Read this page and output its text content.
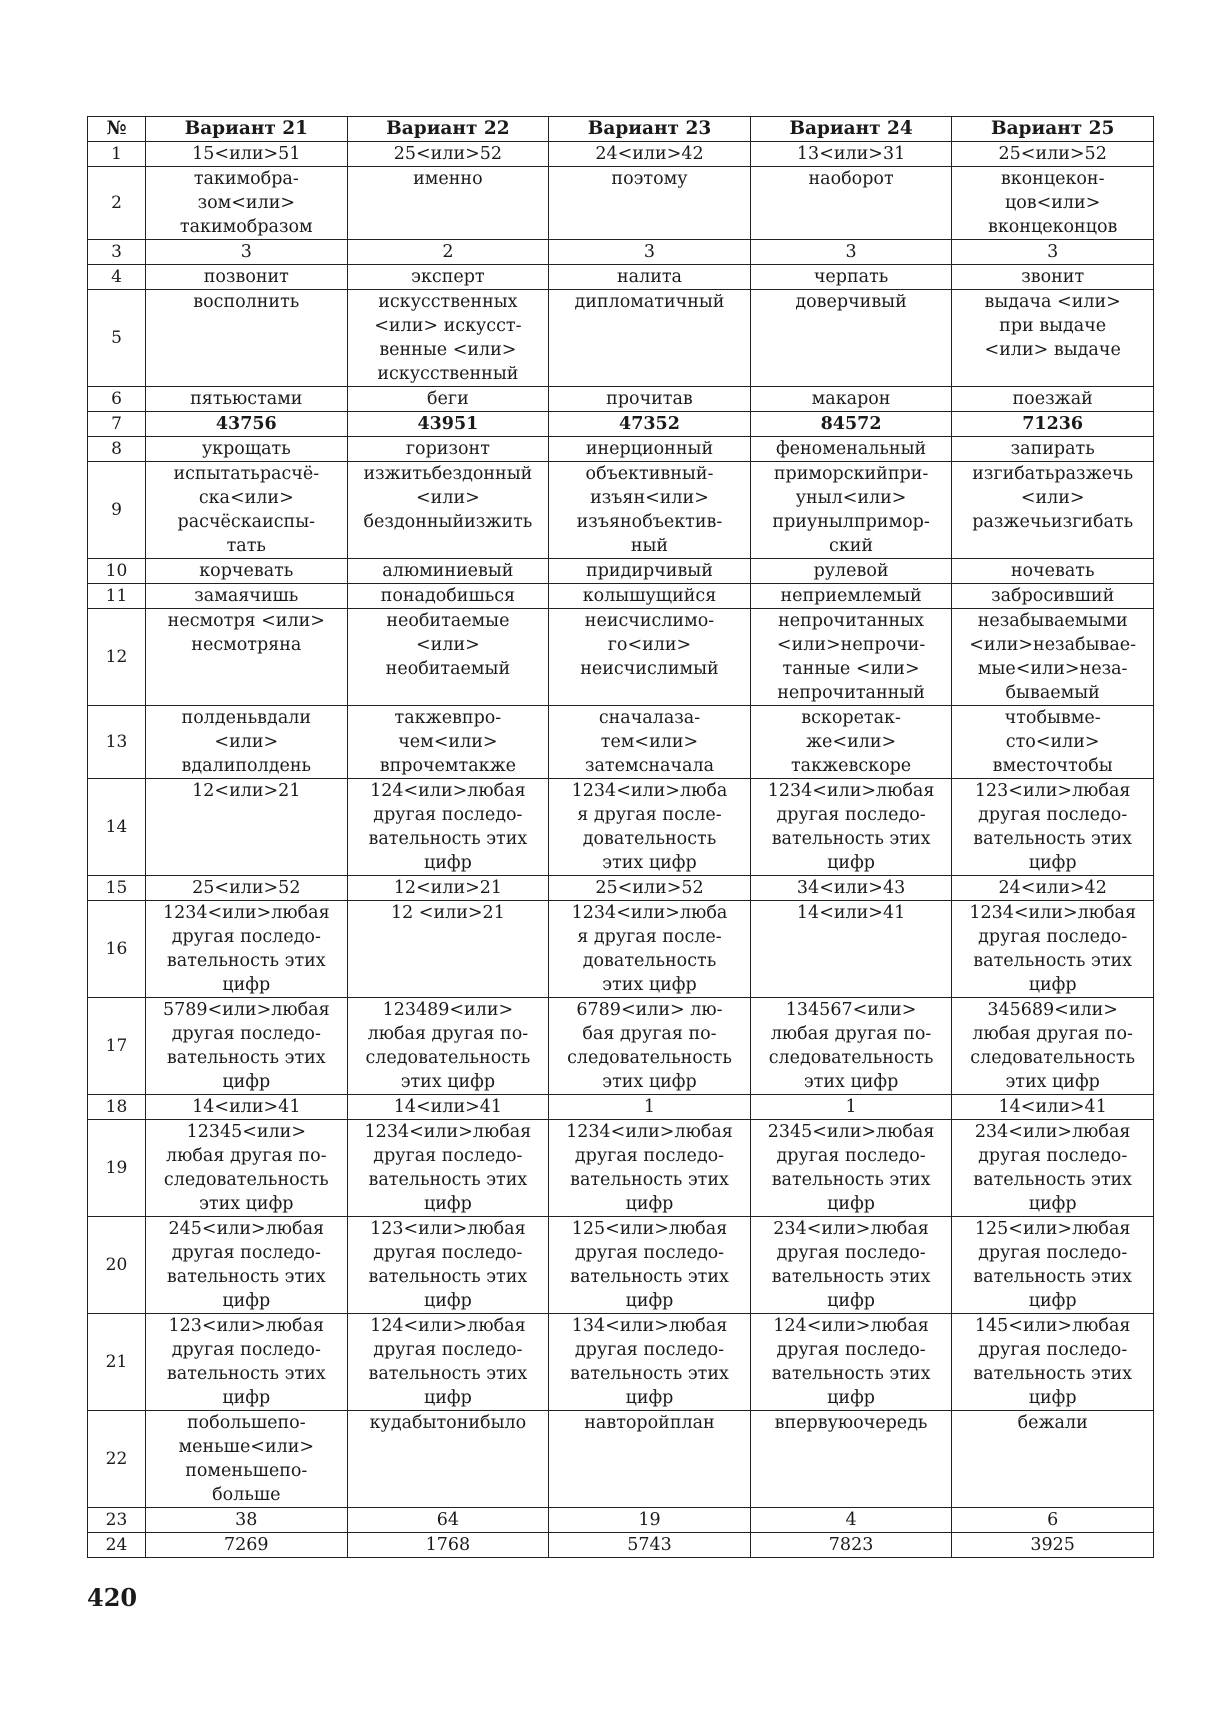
№	Вариант 21	Вариант 22	Вариант 23	Вариант 24	Вариант 25
1	15<или>51	25<или>52	24<или>42	13<или>31	25<или>52
2	такимобра-
зом<или>
такимобразом	именно	поэтому	наоборот	вконцекон-
цов<или>
вконцеконцов
3	3	2	3	3	3
4	позвонит	эксперт	налита	черпать	звонит
5	восполнить	искусственных
<или> искусст-
венные <или>
искусственный	дипломатичный	доверчивый	выдача <или>
при выдаче
<или> выдаче
6	пятьюстами	беги	прочитав	макарон	поезжай
7	43756	43951	47352	84572	71236
8	укрощать	горизонт	инерционный	феноменальный	запирать
9	испытатьрасчё-
ска<или>
расчёскаиспы-
тать	изжитьбездонный
<или>
бездонныйизжить	объективный-
изъян<или>
изъянобъектив-
ный	приморскийпри-
уныл<или>
приунылпримор-
ский	изгибатьразжечь
<или>
разжечьизгибать
10	корчевать	алюминиевый	придирчивый	рулевой	ночевать
11	замаячишь	понадобишься	колышущийся	неприемлемый	забросивший
12	несмотря <или>
несмотряна	необитаемые
<или>
необитаемый	неисчислимо-
го<или>
неисчислимый	непрочитанных
<или>непрочи-
танные <или>
непрочитанный	незабываемыми
<или>незабывае-
мые<или>неза-
бываемый
13	полденьвдали
<или>
вдалиполдень	такжевпро-
чем<или>
впрочемтакже	сначалаза-
тем<или>
затемсначала	вскоретак-
же<или>
такжевскоре	чтобывме-
сто<или>
вместочтобы
14	12<или>21	124<или>любая
другая последо-
вательность этих
цифр	1234<или>люба
я другая после-
довательность
этих цифр	1234<или>любая
другая последо-
вательность этих
цифр	123<или>любая
другая последо-
вательность этих
цифр
15	25<или>52	12<или>21	25<или>52	34<или>43	24<или>42
16	1234<или>любая
другая последо-
вательность этих
цифр	12 <или>21	1234<или>люба
я другая после-
довательность
этих цифр	14<или>41	1234<или>любая
другая последо-
вательность этих
цифр
17	5789<или>любая
другая последо-
вательность этих
цифр	123489<или>
любая другая по-
следовательность
этих цифр	6789<или> лю-
бая другая по-
следовательность
этих цифр	134567<или>
любая другая по-
следовательность
этих цифр	345689<или>
любая другая по-
следовательность
этих цифр
18	14<или>41	14<или>41	1	1	14<или>41
19	12345<или>
любая другая по-
следовательность
этих цифр	1234<или>любая
другая последо-
вательность этих
цифр	1234<или>любая
другая последо-
вательность этих
цифр	2345<или>любая
другая последо-
вательность этих
цифр	234<или>любая
другая последо-
вательность этих
цифр
20	245<или>любая
другая последо-
вательность этих
цифр	123<или>любая
другая последо-
вательность этих
цифр	125<или>любая
другая последо-
вательность этих
цифр	234<или>любая
другая последо-
вательность этих
цифр	125<или>любая
другая последо-
вательность этих
цифр
21	123<или>любая
другая последо-
вательность этих
цифр	124<или>любая
другая последо-
вательность этих
цифр	134<или>любая
другая последо-
вательность этих
цифр	124<или>любая
другая последо-
вательность этих
цифр	145<или>любая
другая последо-
вательность этих
цифр
22	побольшепо-
меньше<или>
поменьшепо-
больше	кудабытонибыло	навторойплан	впервуюочередь	бежали
23	38	64	19	4	6
24	7269	1768	5743	7823	3925
420
